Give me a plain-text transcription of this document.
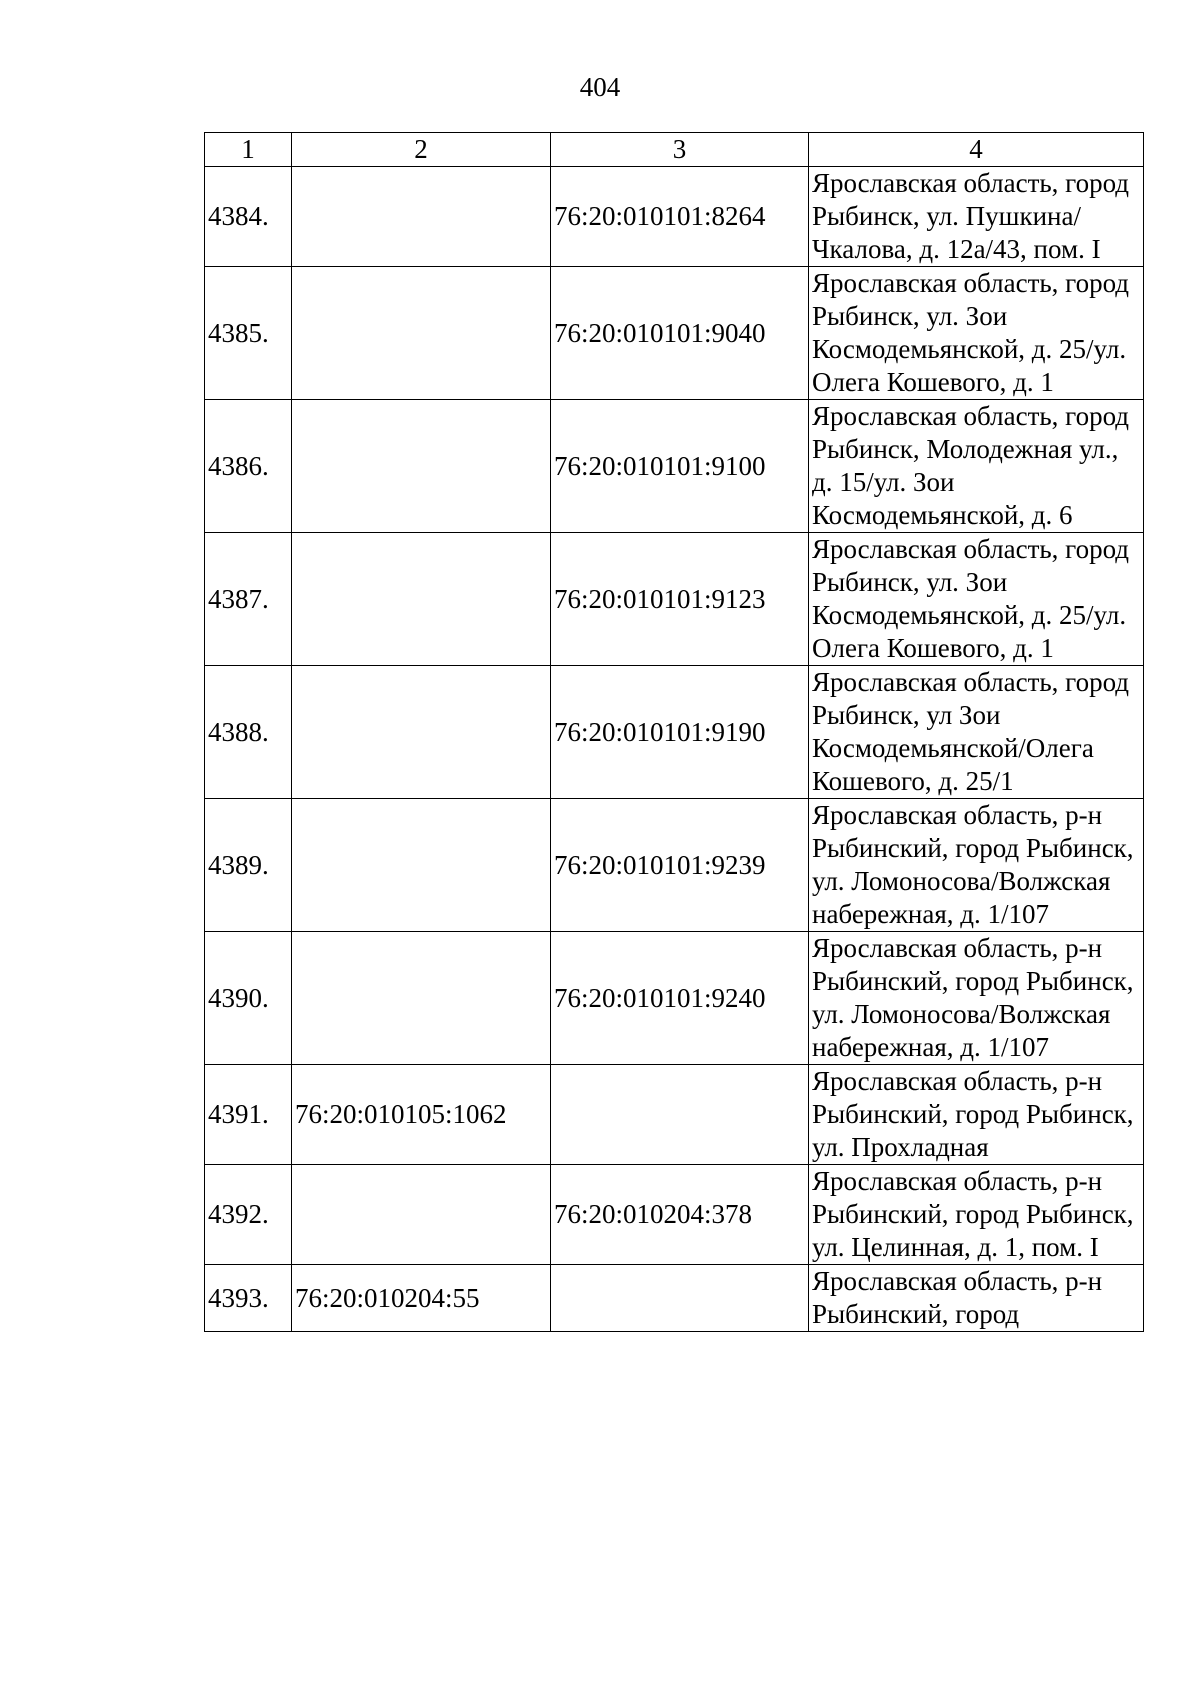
404
1	2	3	4
4384.		76:20:010101:8264	Ярославская область, город Рыбинск, ул. Пушкина/Чкалова, д. 12а/43, пом. I
4385.		76:20:010101:9040	Ярославская область, город Рыбинск, ул. Зои Космодемьянской, д. 25/ул. Олега Кошевого, д. 1
4386.		76:20:010101:9100	Ярославская область, город Рыбинск, Молодежная ул., д. 15/ул. Зои Космодемьянской, д. 6
4387.		76:20:010101:9123	Ярославская область, город Рыбинск, ул. Зои Космодемьянской, д. 25/ул. Олега Кошевого, д. 1
4388.		76:20:010101:9190	Ярославская область, город Рыбинск, ул Зои Космодемьянской/Олега Кошевого, д. 25/1
4389.		76:20:010101:9239	Ярославская область, р-н Рыбинский, город Рыбинск, ул. Ломоносова/Волжская набережная, д. 1/107
4390.		76:20:010101:9240	Ярославская область, р-н Рыбинский, город Рыбинск, ул. Ломоносова/Волжская набережная, д. 1/107
4391.	76:20:010105:1062		Ярославская область, р-н Рыбинский, город Рыбинск, ул. Прохладная
4392.		76:20:010204:378	Ярославская область, р-н Рыбинский, город Рыбинск, ул. Целинная, д. 1, пом. I
4393.	76:20:010204:55		Ярославская область, р-н Рыбинский, город
